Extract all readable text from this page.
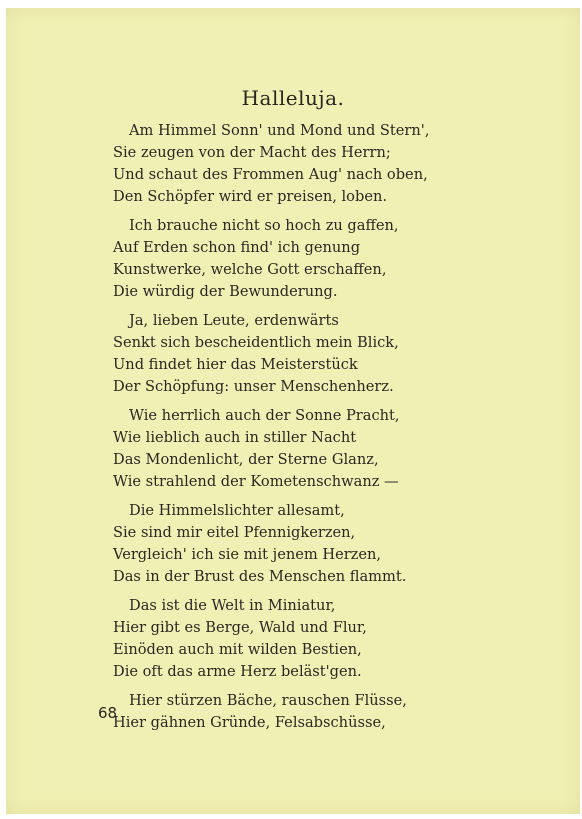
Halleluja.
Am Himmel Sonn' und Mond und Stern',
Sie zeugen von der Macht des Herrn;
Und schaut des Frommen Aug' nach oben,
Den Schöpfer wird er preisen, loben.
Ich brauche nicht so hoch zu gaffen,
Auf Erden schon find' ich genung
Kunstwerke, welche Gott erschaffen,
Die würdig der Bewunderung.
Ja, lieben Leute, erdenwärts
Senkt sich bescheidentlich mein Blick,
Und findet hier das Meisterstück
Der Schöpfung: unser Menschenherz.
Wie herrlich auch der Sonne Pracht,
Wie lieblich auch in stiller Nacht
Das Mondenlicht, der Sterne Glanz,
Wie strahlend der Kometenschwanz —
Die Himmelslichter allesamt,
Sie sind mir eitel Pfennigkerzen,
Vergleich' ich sie mit jenem Herzen,
Das in der Brust des Menschen flammt.
Das ist die Welt in Miniatur,
Hier gibt es Berge, Wald und Flur,
Einöden auch mit wilden Bestien,
Die oft das arme Herz beläst'gen.
Hier stürzen Bäche, rauschen Flüsse,
Hier gähnen Gründe, Felsabschüsse,
68
